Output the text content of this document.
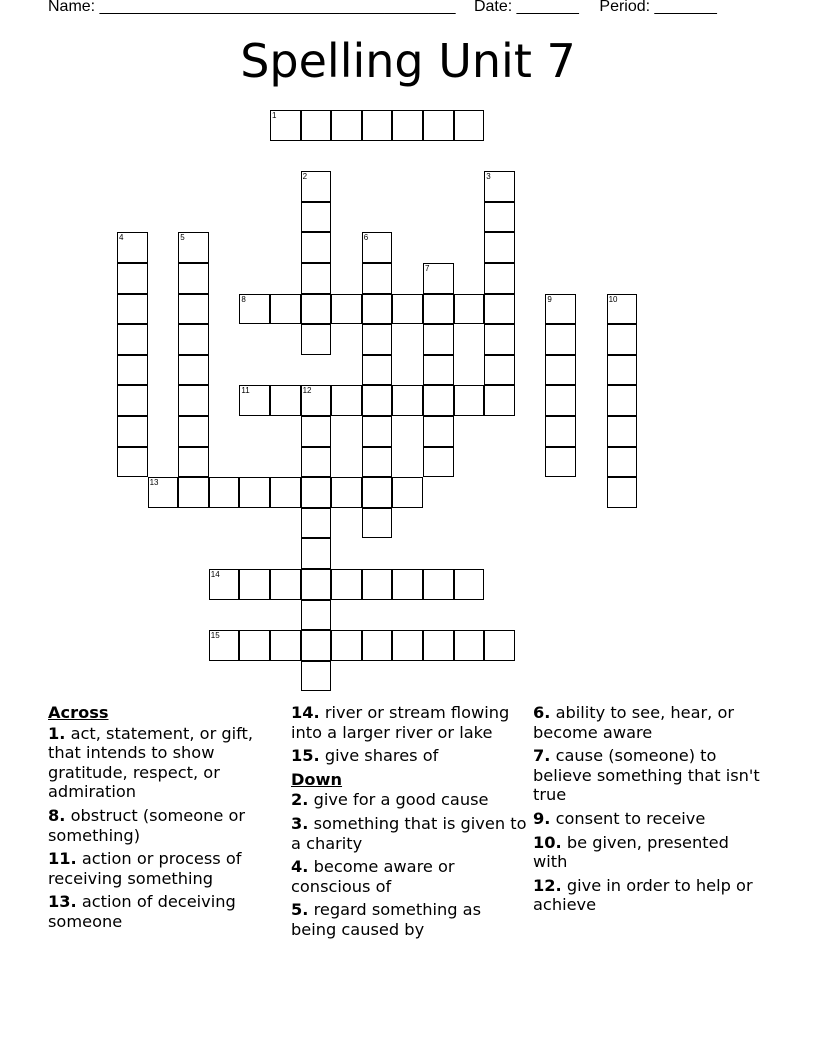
Name: ________________________________________ Date: _______ Period: _______
Spelling Unit 7
1
2	3
4	5	6
7
8	9	10
11	12
13
14
15
Across
1. act, statement, or gift, that intends to show gratitude, respect, or admiration
8. obstruct (someone or something)
11. action or process of receiving something
13. action of deceiving someone
14. river or stream flowing into a larger river or lake
15. give shares of
Down
2. give for a good cause
3. something that is given to a charity
4. become aware or conscious of
5. regard something as being caused by
6. ability to see, hear, or become aware
7. cause (someone) to believe something that isn't true
9. consent to receive
10. be given, presented with
12. give in order to help or achieve
